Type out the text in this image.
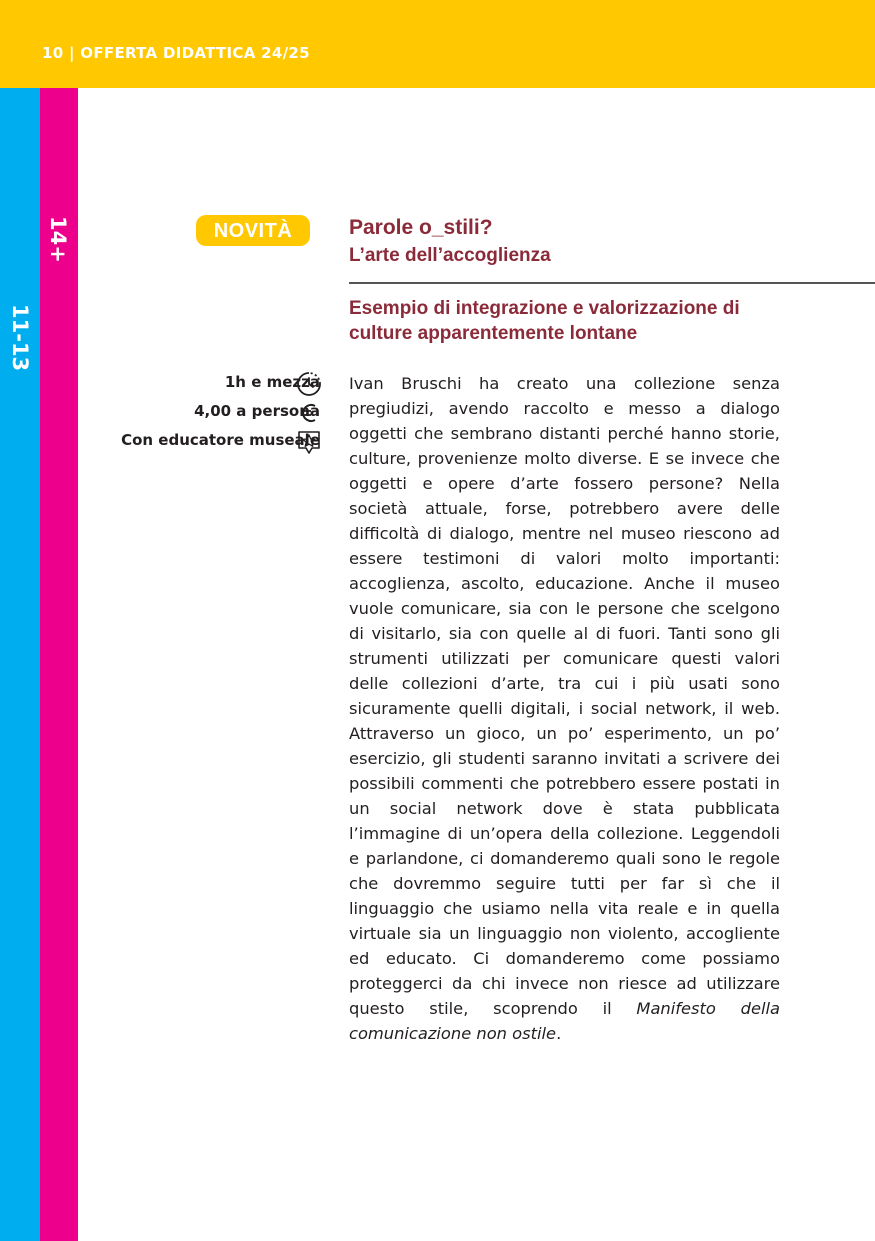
10 | OFFERTA DIDATTICA 24/25
11-13
14+	NOVITÀ	Parole o_stili?
L’arte dell’accoglienza

Esempio di integrazione e valorizzazione di culture apparentemente lontane

1h e mezza
4,00 a persona
Con educatore museale

Ivan Bruschi ha creato una collezione senza pregiudizi, avendo raccolto e messo a dialogo oggetti che sembrano distanti perché hanno storie, culture, provenienze molto diverse. E se invece che oggetti e opere d’arte fossero persone? Nella società attuale, forse, potrebbero avere delle difficoltà di dialogo, mentre nel museo riescono ad essere testimoni di valori molto importanti: accoglienza, ascolto, educazione. Anche il museo vuole comunicare, sia con le persone che scelgono di visitarlo, sia con quelle al di fuori. Tanti sono gli strumenti utilizzati per comunicare questi valori delle collezioni d’arte, tra cui i più usati sono sicuramente quelli digitali, i social network, il web. Attraverso un gioco, un po’ esperimento, un po’ esercizio, gli studenti saranno invitati a scrivere dei possibili commenti che potrebbero essere postati in un social network dove è stata pubblicata l’immagine di un’opera della collezione. Leggendoli e parlandone, ci domanderemo quali sono le regole che dovremmo seguire tutti per far sì che il linguaggio che usiamo nella vita reale e in quella virtuale sia un linguaggio non violento, accogliente ed educato. Ci domanderemo come possiamo proteggerci da chi invece non riesce ad utilizzare questo stile, scoprendo il Manifesto della comunicazione non ostile.
